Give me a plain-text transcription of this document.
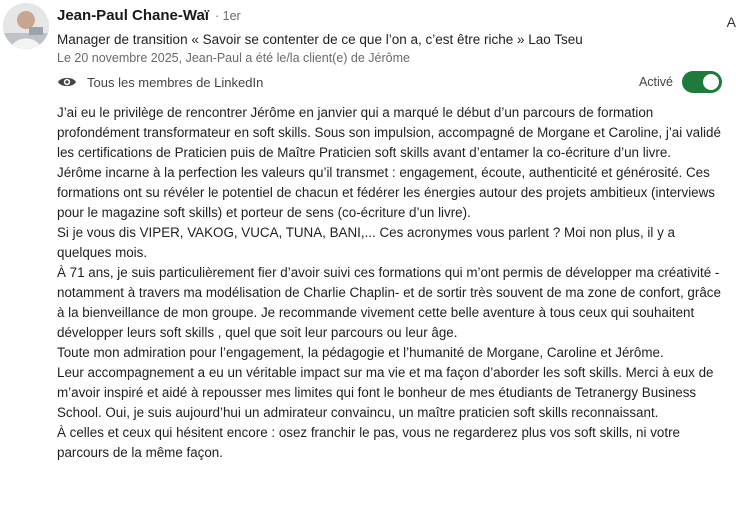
Jean-Paul Chane-Waï · 1er
Manager de transition « Savoir se contenter de ce que l’on a, c’est être riche » Lao Tseu
Le 20 novembre 2025, Jean-Paul a été le/la client(e) de Jérôme
A
Tous les membres de LinkedIn	Activé

J’ai eu le privilège de rencontrer Jérôme en janvier qui a marqué le début d’un parcours de formation profondément transformateur en soft skills. Sous son impulsion, accompagné de Morgane et Caroline, j’ai validé les certifications de Praticien puis de Maître Praticien soft skills avant d’entamer la co-écriture d’un livre.

Jérôme incarne à la perfection les valeurs qu’il transmet : engagement, écoute, authenticité et générosité. Ces formations ont su révéler le potentiel de chacun et fédérer les énergies autour des projets ambitieux (interviews pour le magazine soft skills) et porteur de sens (co-écriture d’un livre).

Si je vous dis VIPER, VAKOG, VUCA, TUNA, BANI,... Ces acronymes vous parlent ? Moi non plus, il y a quelques mois.

À 71 ans, je suis particulièrement fier d’avoir suivi ces formations qui m’ont permis de développer ma créativité -notamment à travers ma modélisation de Charlie Chaplin- et de sortir très souvent de ma zone de confort, grâce à la bienveillance de mon groupe. Je recommande vivement cette belle aventure à tous ceux qui souhaitent développer leurs soft skills , quel que soit leur parcours ou leur âge.

Toute mon admiration pour l’engagement, la pédagogie et l’humanité de Morgane, Caroline et Jérôme.

Leur accompagnement a eu un véritable impact sur ma vie et ma façon d’aborder les soft skills. Merci à eux de m’avoir inspiré et aidé à repousser mes limites qui font le bonheur de mes étudiants de Tetranergy Business School. Oui, je suis aujourd’hui un admirateur convaincu, un maître praticien soft skills reconnaissant.

À celles et ceux qui hésitent encore : osez franchir le pas, vous ne regarderez plus vos soft skills, ni votre parcours de la même façon.
